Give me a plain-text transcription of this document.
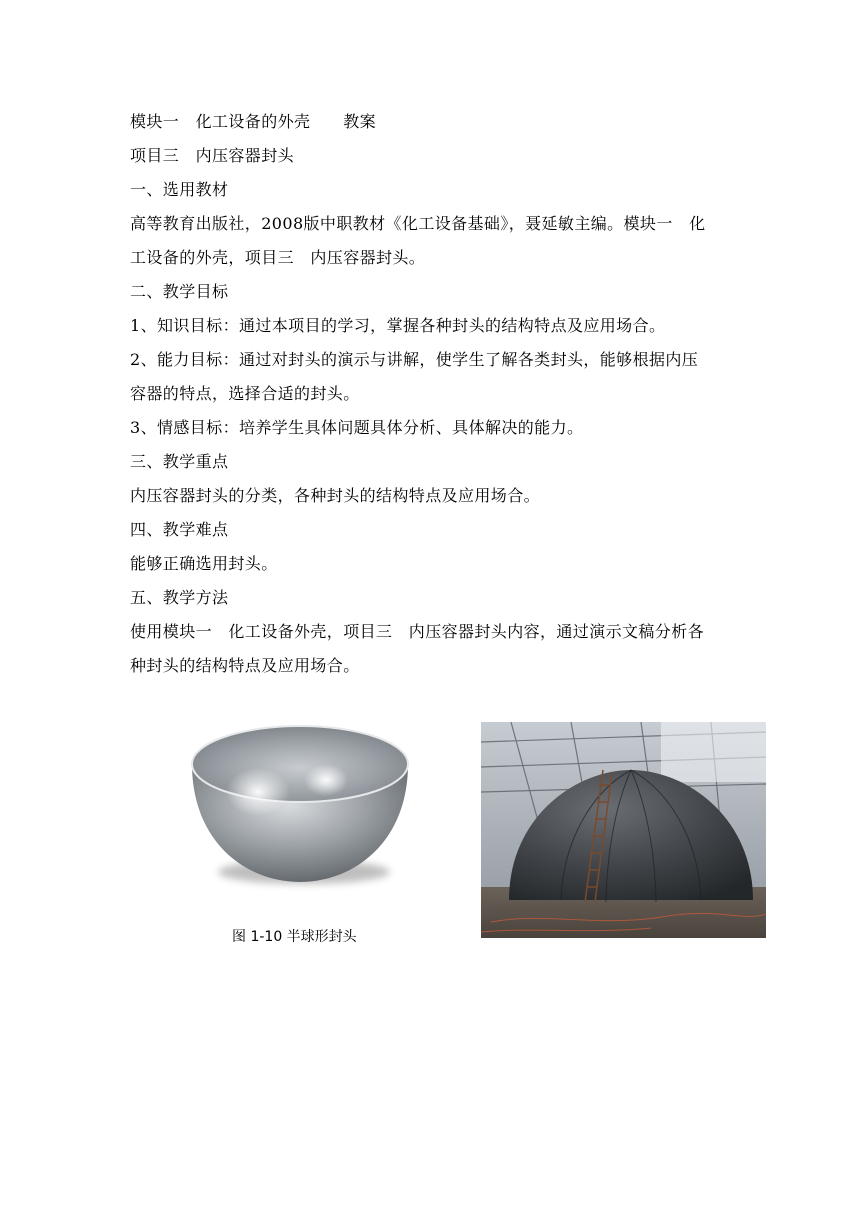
模块一　化工设备的外壳　　教案
项目三　内压容器封头
一、选用教材
高等教育出版社，2008版中职教材《化工设备基础》，聂延敏主编。模块一　化
工设备的外壳，项目三　内压容器封头。
二、教学目标
1、知识目标：通过本项目的学习，掌握各种封头的结构特点及应用场合。
2、能力目标：通过对封头的演示与讲解，使学生了解各类封头，能够根据内压
容器的特点，选择合适的封头。
3、情感目标：培养学生具体问题具体分析、具体解决的能力。
三、教学重点
内压容器封头的分类，各种封头的结构特点及应用场合。
四、教学难点
能够正确选用封头。
五、教学方法
使用模块一　化工设备外壳，项目三　内压容器封头内容，通过演示文稿分析各
种封头的结构特点及应用场合。
图 1-10 半球形封头
